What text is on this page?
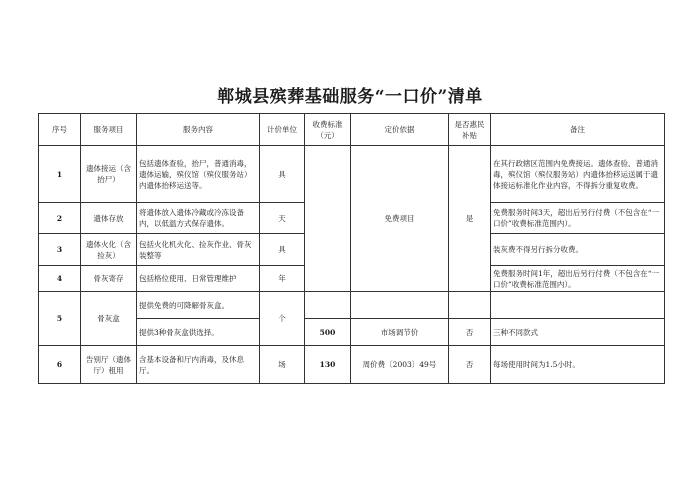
郸城县殡葬基础服务“一口价”清单
序号	服务项目	服务内容	计价单位	收费标准（元）	定价依据	是否惠民补贴	备注
1	遗体接运（含抬尸）	包括遗体查验，抬尸，普通消毒，遗体运输，殡仪馆（殡仪服务站）内遗体抬移运送等。	具		免费项目	是	在其行政辖区范围内免费接运。遗体查验、普通消毒，殡仪馆（殡仪服务站）内遗体抬移运送属于遗体接运标准化作业内容，不得拆分重复收费。
2	遗体存放	将遗体放入遗体冷藏或冷冻设备内，以低温方式保存遗体。	天				免费服务时间3天，超出后另行付费（不包含在“一口价”收费标准范围内）。
3	遗体火化（含捡灰）	包括火化机火化、捡灰作业、骨灰装整等	具				装灰费不得另行拆分收费。
4	骨灰寄存	包括格位使用、日常管理维护	年				免费服务时间1年，超出后另行付费（不包含在“一口价”收费标准范围内）。
5	骨灰盒	提供免费的可降解骨灰盒。	个				
		提供3种骨灰盒供选择。		500	市场调节价	否	三种不同款式
6	告别厅（遗体厅）租用	含基本设备和厅内消毒，及休息厅。	场	130	周价费〔2003〕49号	否	每场使用时间为1.5小时。
